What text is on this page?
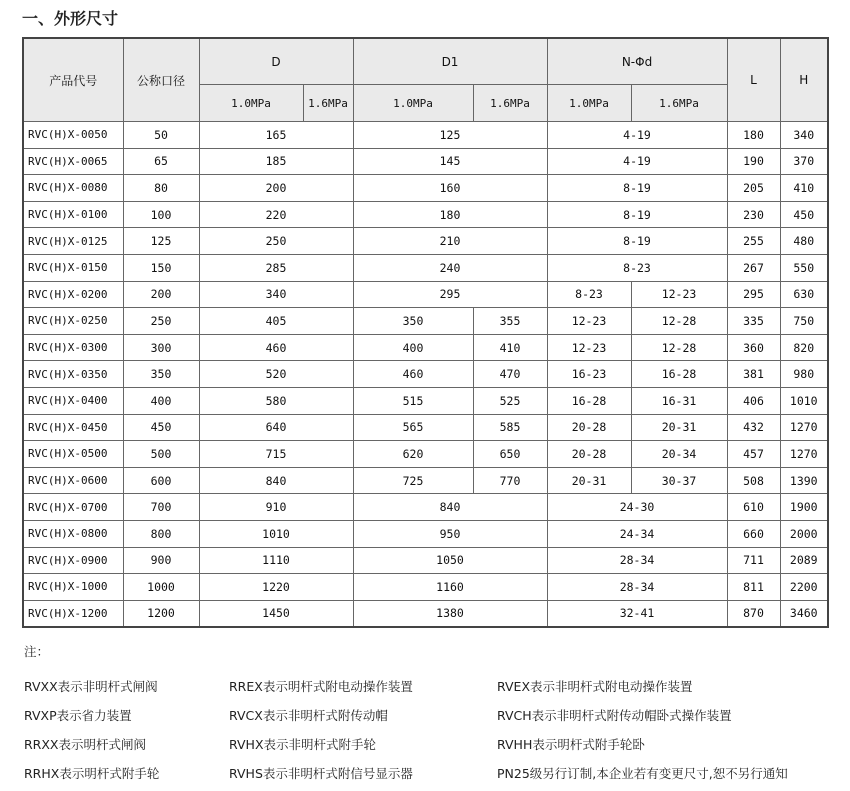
一、外形尺寸
产品代号	公称口径	D		D1		N-Φd		L	H
		1.0MPa	1.6MPa	1.0MPa	1.6MPa	1.0MPa	1.6MPa		
RVC(H)X-0050	50	165		125		4-19		180	340
RVC(H)X-0065	65	185		145		4-19		190	370
RVC(H)X-0080	80	200		160		8-19		205	410
RVC(H)X-0100	100	220		180		8-19		230	450
RVC(H)X-0125	125	250		210		8-19		255	480
RVC(H)X-0150	150	285		240		8-23		267	550
RVC(H)X-0200	200	340		295		8-23	12-23	295	630
RVC(H)X-0250	250	405		350	355	12-23	12-28	335	750
RVC(H)X-0300	300	460		400	410	12-23	12-28	360	820
RVC(H)X-0350	350	520		460	470	16-23	16-28	381	980
RVC(H)X-0400	400	580		515	525	16-28	16-31	406	1010
RVC(H)X-0450	450	640		565	585	20-28	20-31	432	1270
RVC(H)X-0500	500	715		620	650	20-28	20-34	457	1270
RVC(H)X-0600	600	840		725	770	20-31	30-37	508	1390
RVC(H)X-0700	700	910		840		24-30		610	1900
RVC(H)X-0800	800	1010		950		24-34		660	2000
RVC(H)X-0900	900	1110		1050		28-34		711	2089
RVC(H)X-1000	1000	1220		1160		28-34		811	2200
RVC(H)X-1200	1200	1450		1380		32-41		870	3460
注：
RVXX表示非明杆式闸阀	RREX表示明杆式附电动操作装置	RVEX表示非明杆式附电动操作装置
RVXP表示省力装置	RVCX表示非明杆式附传动帽	RVCH表示非明杆式附传动帽卧式操作装置
RRXX表示明杆式闸阀	RVHX表示非明杆式附手轮	RVHH表示明杆式附手轮卧
RRHX表示明杆式附手轮	RVHS表示非明杆式附信号显示器	PN25级另行订制,本企业若有变更尺寸,恕不另行通知
